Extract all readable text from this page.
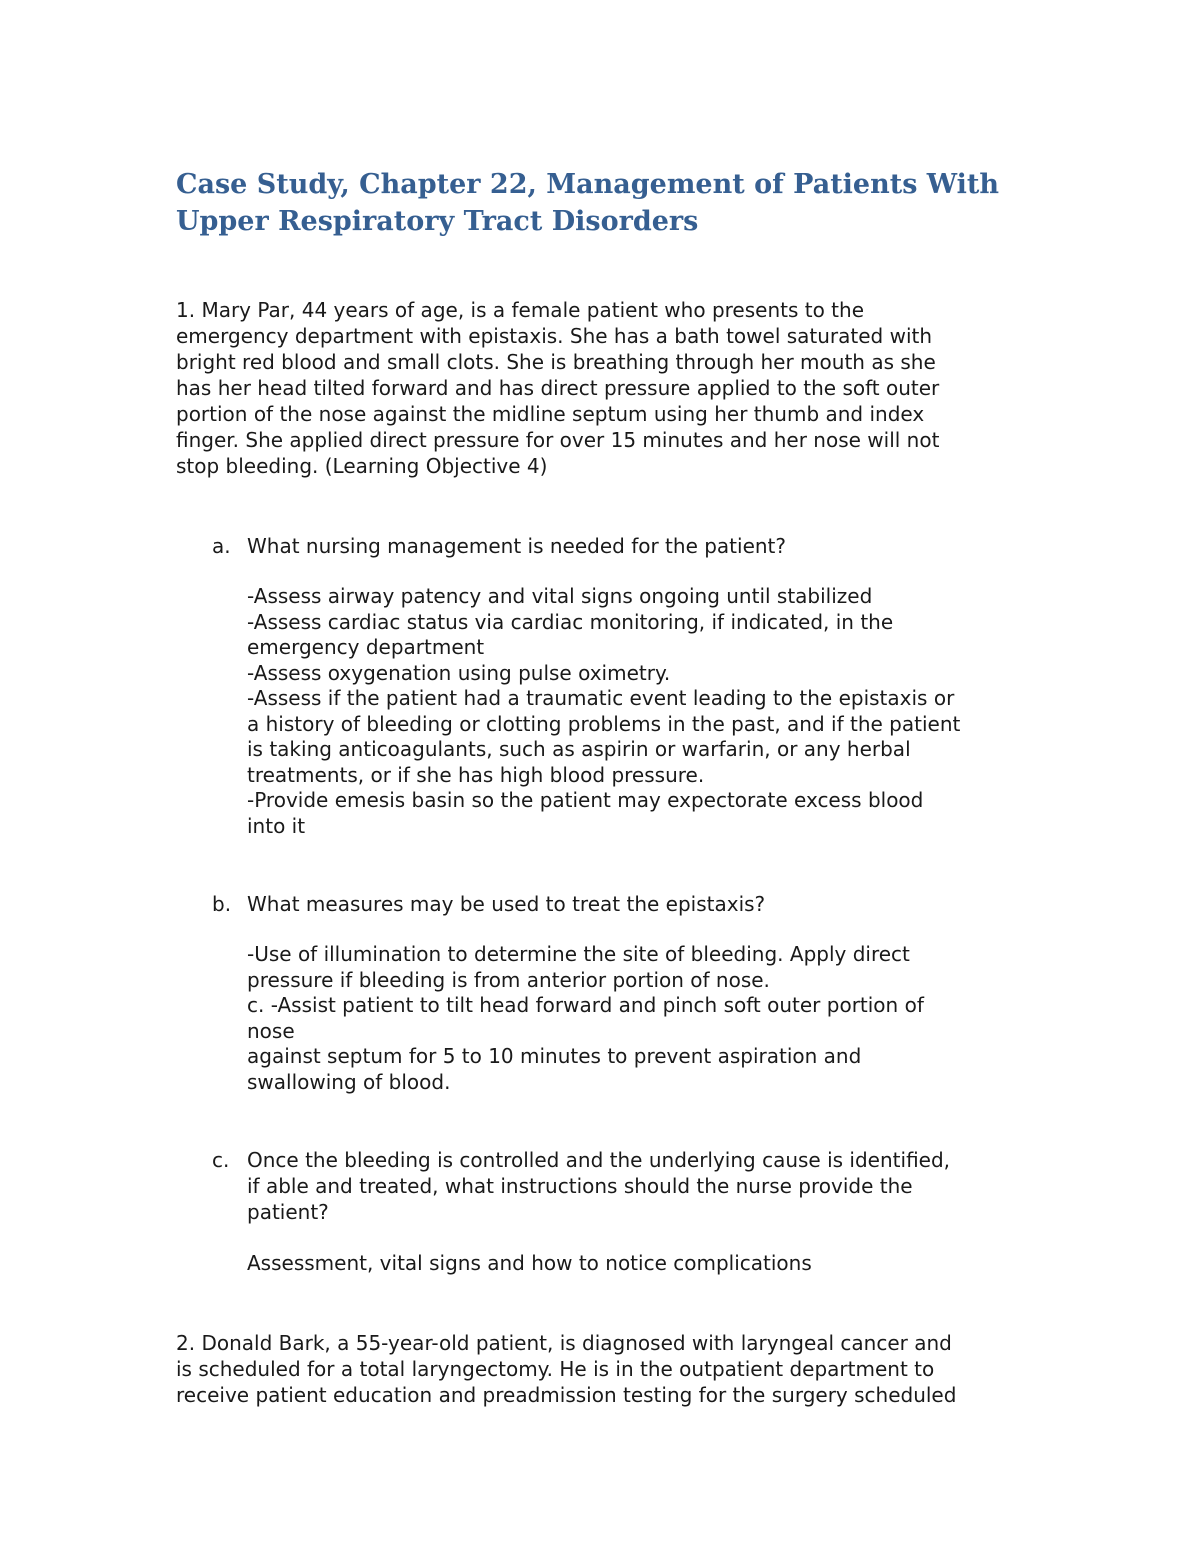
Case Study, Chapter 22, Management of Patients With
Upper Respiratory Tract Disorders
1. Mary Par, 44 years of age, is a female patient who presents to the
emergency department with epistaxis. She has a bath towel saturated with
bright red blood and small clots. She is breathing through her mouth as she
has her head tilted forward and has direct pressure applied to the soft outer
portion of the nose against the midline septum using her thumb and index
finger. She applied direct pressure for over 15 minutes and her nose will not
stop bleeding. (Learning Objective 4)
a. What nursing management is needed for the patient?
-Assess airway patency and vital signs ongoing until stabilized
-Assess cardiac status via cardiac monitoring, if indicated, in the
emergency department
-Assess oxygenation using pulse oximetry.
-Assess if the patient had a traumatic event leading to the epistaxis or
a history of bleeding or clotting problems in the past, and if the patient
is taking anticoagulants, such as aspirin or warfarin, or any herbal
treatments, or if she has high blood pressure.
-Provide emesis basin so the patient may expectorate excess blood
into it
b. What measures may be used to treat the epistaxis?
-Use of illumination to determine the site of bleeding. Apply direct
pressure if bleeding is from anterior portion of nose.
c. -Assist patient to tilt head forward and pinch soft outer portion of
nose
against septum for 5 to 10 minutes to prevent aspiration and
swallowing of blood.
c. Once the bleeding is controlled and the underlying cause is identified,
if able and treated, what instructions should the nurse provide the
patient?
Assessment, vital signs and how to notice complications
2. Donald Bark, a 55-year-old patient, is diagnosed with laryngeal cancer and
is scheduled for a total laryngectomy. He is in the outpatient department to
receive patient education and preadmission testing for the surgery scheduled
